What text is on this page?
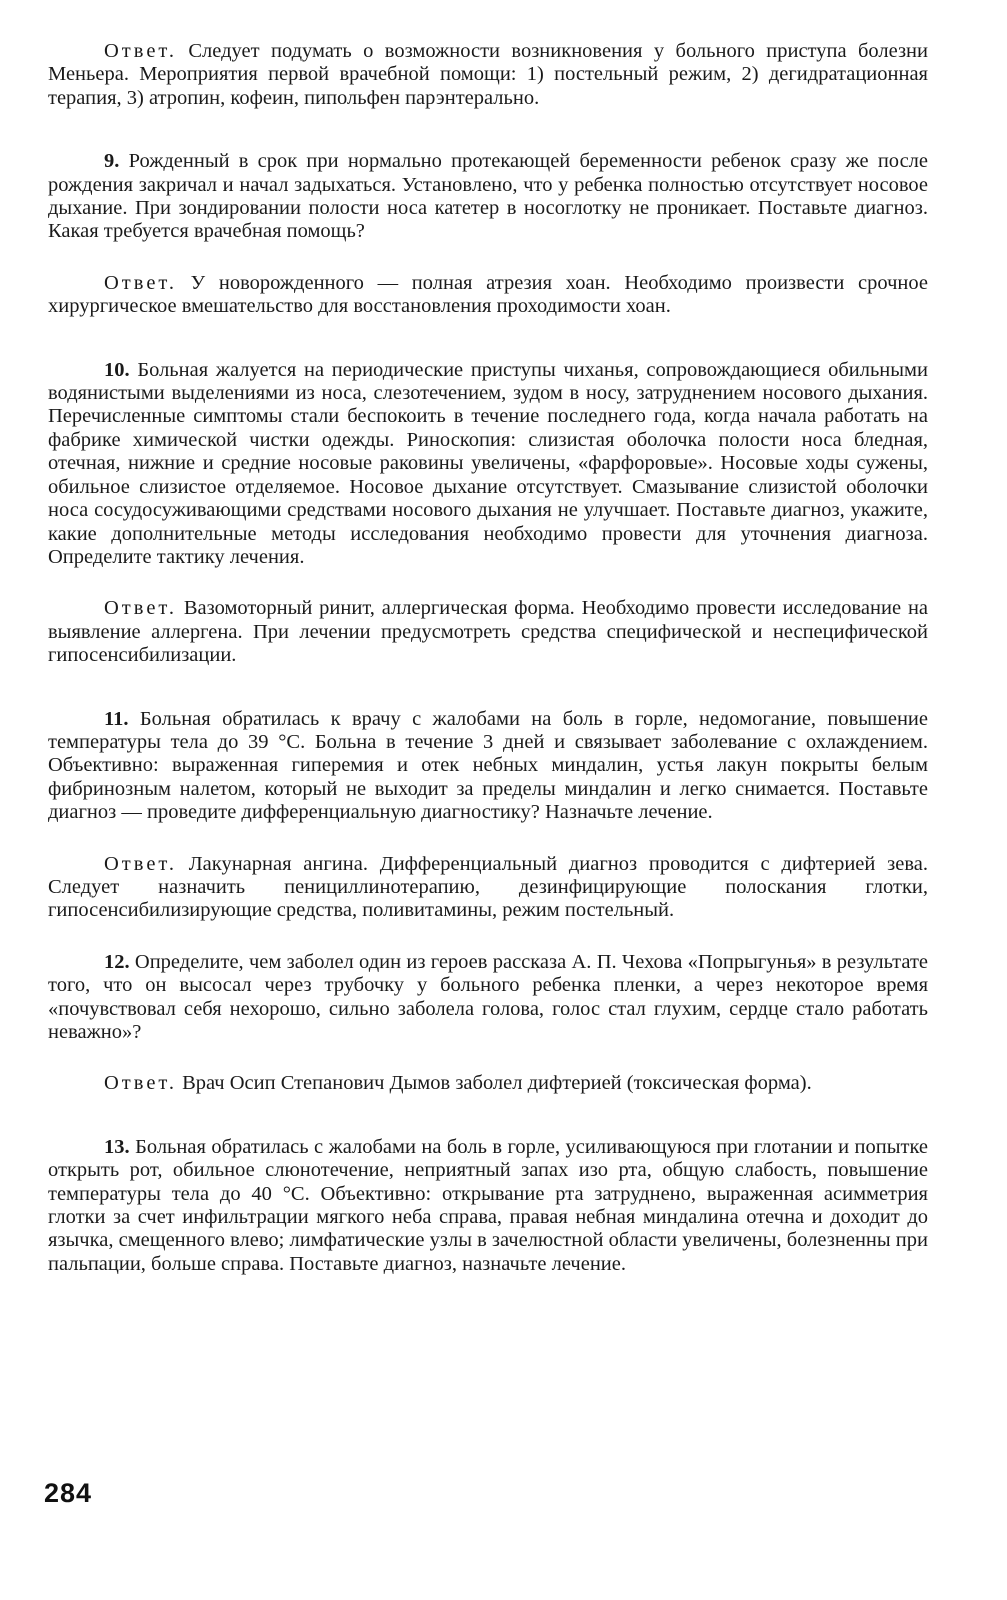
Ответ. Следует подумать о возможности возникновения у больного приступа болезни Меньера. Мероприятия первой врачебной помощи: 1) постельный режим, 2) дегидратационная терапия, 3) атропин, кофеин, пипольфен парэнтерально.

9. Рожденный в срок при нормально протекающей беременности ребенок сразу же после рождения закричал и начал задыхаться. Установлено, что у ребенка полностью отсутствует носовое дыхание. При зондировании полости носа катетер в носоглотку не проникает. Поставьте диагноз. Какая требуется врачебная помощь?

Ответ. У новорожденного — полная атрезия хоан. Необходимо произвести срочное хирургическое вмешательство для восстановления проходимости хоан.

10. Больная жалуется на периодические приступы чиханья, сопровождающиеся обильными водянистыми выделениями из носа, слезотечением, зудом в носу, затруднением носового дыхания. Перечисленные симптомы стали беспокоить в течение последнего года, когда начала работать на фабрике химической чистки одежды. Риноскопия: слизистая оболочка полости носа бледная, отечная, нижние и средние носовые раковины увеличены, «фарфоровые». Носовые ходы сужены, обильное слизистое отделяемое. Носовое дыхание отсутствует. Смазывание слизистой оболочки носа сосудосуживающими средствами носового дыхания не улучшает. Поставьте диагноз, укажите, какие дополнительные методы исследования необходимо провести для уточнения диагноза. Определите тактику лечения.

Ответ. Вазомоторный ринит, аллергическая форма. Необходимо провести исследование на выявление аллергена. При лечении предусмотреть средства специфической и неспецифической гипосенсибилизации.

11. Больная обратилась к врачу с жалобами на боль в горле, недомогание, повышение температуры тела до 39 °C. Больна в течение 3 дней и связывает заболевание с охлаждением. Объективно: выраженная гиперемия и отек небных миндалин, устья лакун покрыты белым фибринозным налетом, который не выходит за пределы миндалин и легко снимается. Поставьте диагноз — проведите дифференциальную диагностику? Назначьте лечение.

Ответ. Лакунарная ангина. Дифференциальный диагноз проводится с дифтерией зева. Следует назначить пенициллинотерапию, дезинфицирующие полоскания глотки, гипосенсибилизирующие средства, поливитамины, режим постельный.

12. Определите, чем заболел один из героев рассказа А. П. Чехова «Попрыгунья» в результате того, что он высосал через трубочку у больного ребенка пленки, а через некоторое время «почувствовал себя нехорошо, сильно заболела голова, голос стал глухим, сердце стало работать неважно»?

Ответ. Врач Осип Степанович Дымов заболел дифтерией (токсическая форма).

13. Больная обратилась с жалобами на боль в горле, усиливающуюся при глотании и попытке открыть рот, обильное слюнотечение, неприятный запах изо рта, общую слабость, повышение температуры тела до 40 °C. Объективно: открывание рта затруднено, выраженная асимметрия глотки за счет инфильтрации мягкого неба справа, правая небная миндалина отечна и доходит до язычка, смещенного влево; лимфатические узлы в зачелюстной области увеличены, болезненны при пальпации, больше справа. Поставьте диагноз, назначьте лечение.

284
